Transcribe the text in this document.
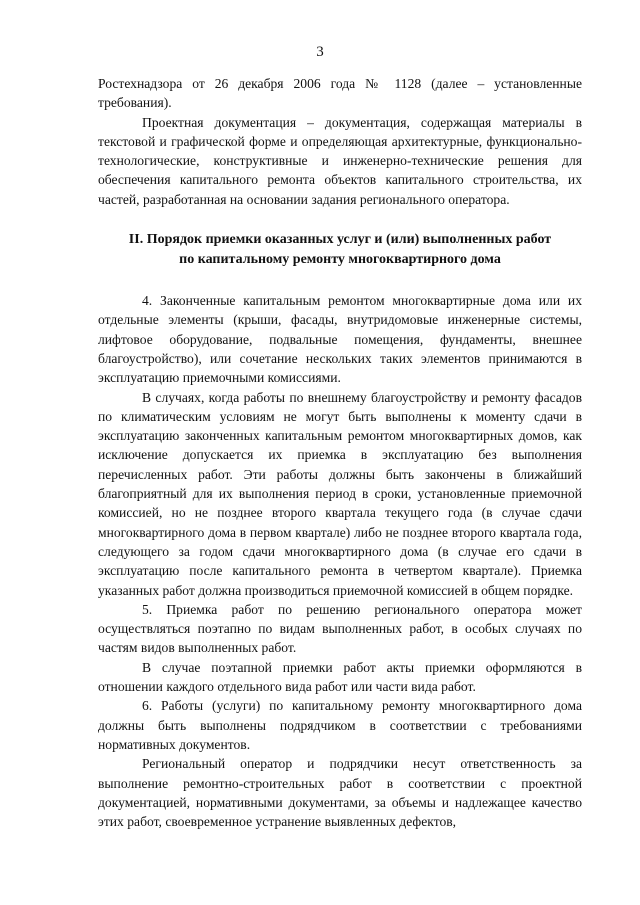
3

Ростехнадзора от 26 декабря 2006 года № 1128 (далее – установленные требования).

Проектная документация – документация, содержащая материалы в текстовой и графической форме и определяющая архитектурные, функционально-технологические, конструктивные и инженерно-технические решения для обеспечения капитального ремонта объектов капитального строительства, их частей, разработанная на основании задания регионального оператора.

II. Порядок приемки оказанных услуг и (или) выполненных работ
по капитальному ремонту многоквартирного дома

4. Законченные капитальным ремонтом многоквартирные дома или их отдельные элементы (крыши, фасады, внутридомовые инженерные системы, лифтовое оборудование, подвальные помещения, фундаменты, внешнее благоустройство), или сочетание нескольких таких элементов принимаются в эксплуатацию приемочными комиссиями.

В случаях, когда работы по внешнему благоустройству и ремонту фасадов по климатическим условиям не могут быть выполнены к моменту сдачи в эксплуатацию законченных капитальным ремонтом многоквартирных домов, как исключение допускается их приемка в эксплуатацию без выполнения перечисленных работ. Эти работы должны быть закончены в ближайший благоприятный для их выполнения период в сроки, установленные приемочной комиссией, но не позднее второго квартала текущего года (в случае сдачи многоквартирного дома в первом квартале) либо не позднее второго квартала года, следующего за годом сдачи многоквартирного дома (в случае его сдачи в эксплуатацию после капитального ремонта в четвертом квартале). Приемка указанных работ должна производиться приемочной комиссией в общем порядке.

5. Приемка работ по решению регионального оператора может осуществляться поэтапно по видам выполненных работ, в особых случаях по частям видов выполненных работ.

В случае поэтапной приемки работ акты приемки оформляются в отношении каждого отдельного вида работ или части вида работ.

6. Работы (услуги) по капитальному ремонту многоквартирного дома должны быть выполнены подрядчиком в соответствии с требованиями нормативных документов.

Региональный оператор и подрядчики несут ответственность за выполнение ремонтно-строительных работ в соответствии с проектной документацией, нормативными документами, за объемы и надлежащее качество этих работ, своевременное устранение выявленных дефектов,
